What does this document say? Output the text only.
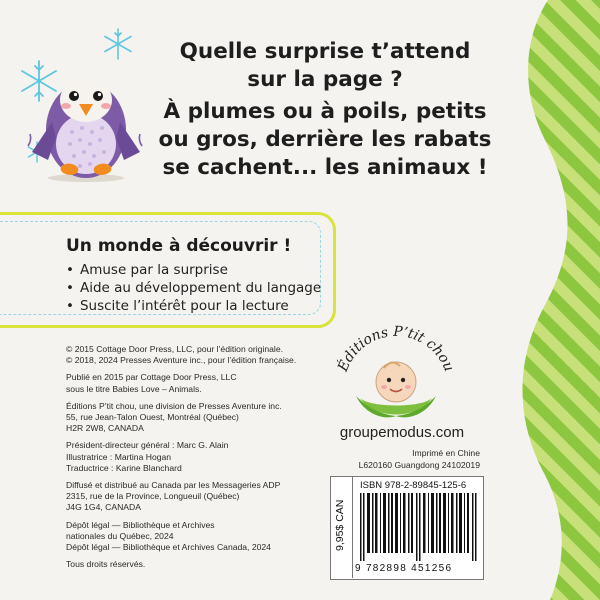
Quelle surprise t’attend
sur la page ?
À plumes ou à poils, petits
ou gros, derrière les rabats
se cachent... les animaux !
Un monde à découvrir !
• Amuse par la surprise
• Aide au développement du langage
• Suscite l’intérêt pour la lecture

© 2015 Cottage Door Press, LLC, pour l’édition originale.
© 2018, 2024 Presses Aventure inc., pour l’édition française.

Publié en 2015 par Cottage Door Press, LLC
sous le titre Babies Love – Animals.

Éditions P’tit chou, une division de Presses Aventure inc.
55, rue Jean-Talon Ouest, Montréal (Québec)
H2R 2W8, CANADA

Président-directeur général : Marc G. Alain
Illustratrice : Martina Hogan
Traductrice : Karine Blanchard

Diffusé et distribué au Canada par les Messageries ADP
2315, rue de la Province, Longueuil (Québec)
J4G 1G4, CANADA

Dépôt légal — Bibliothèque et Archives
nationales du Québec, 2024
Dépôt légal — Bibliothèque et Archives Canada, 2024

Tous droits réservés.

Éditions P’tit chou
groupemodus.com
Imprimé en Chine
L620160 Guangdong 24102019
9,95$ CAN
ISBN 978-2-89845-125-6
9 782898 451256
